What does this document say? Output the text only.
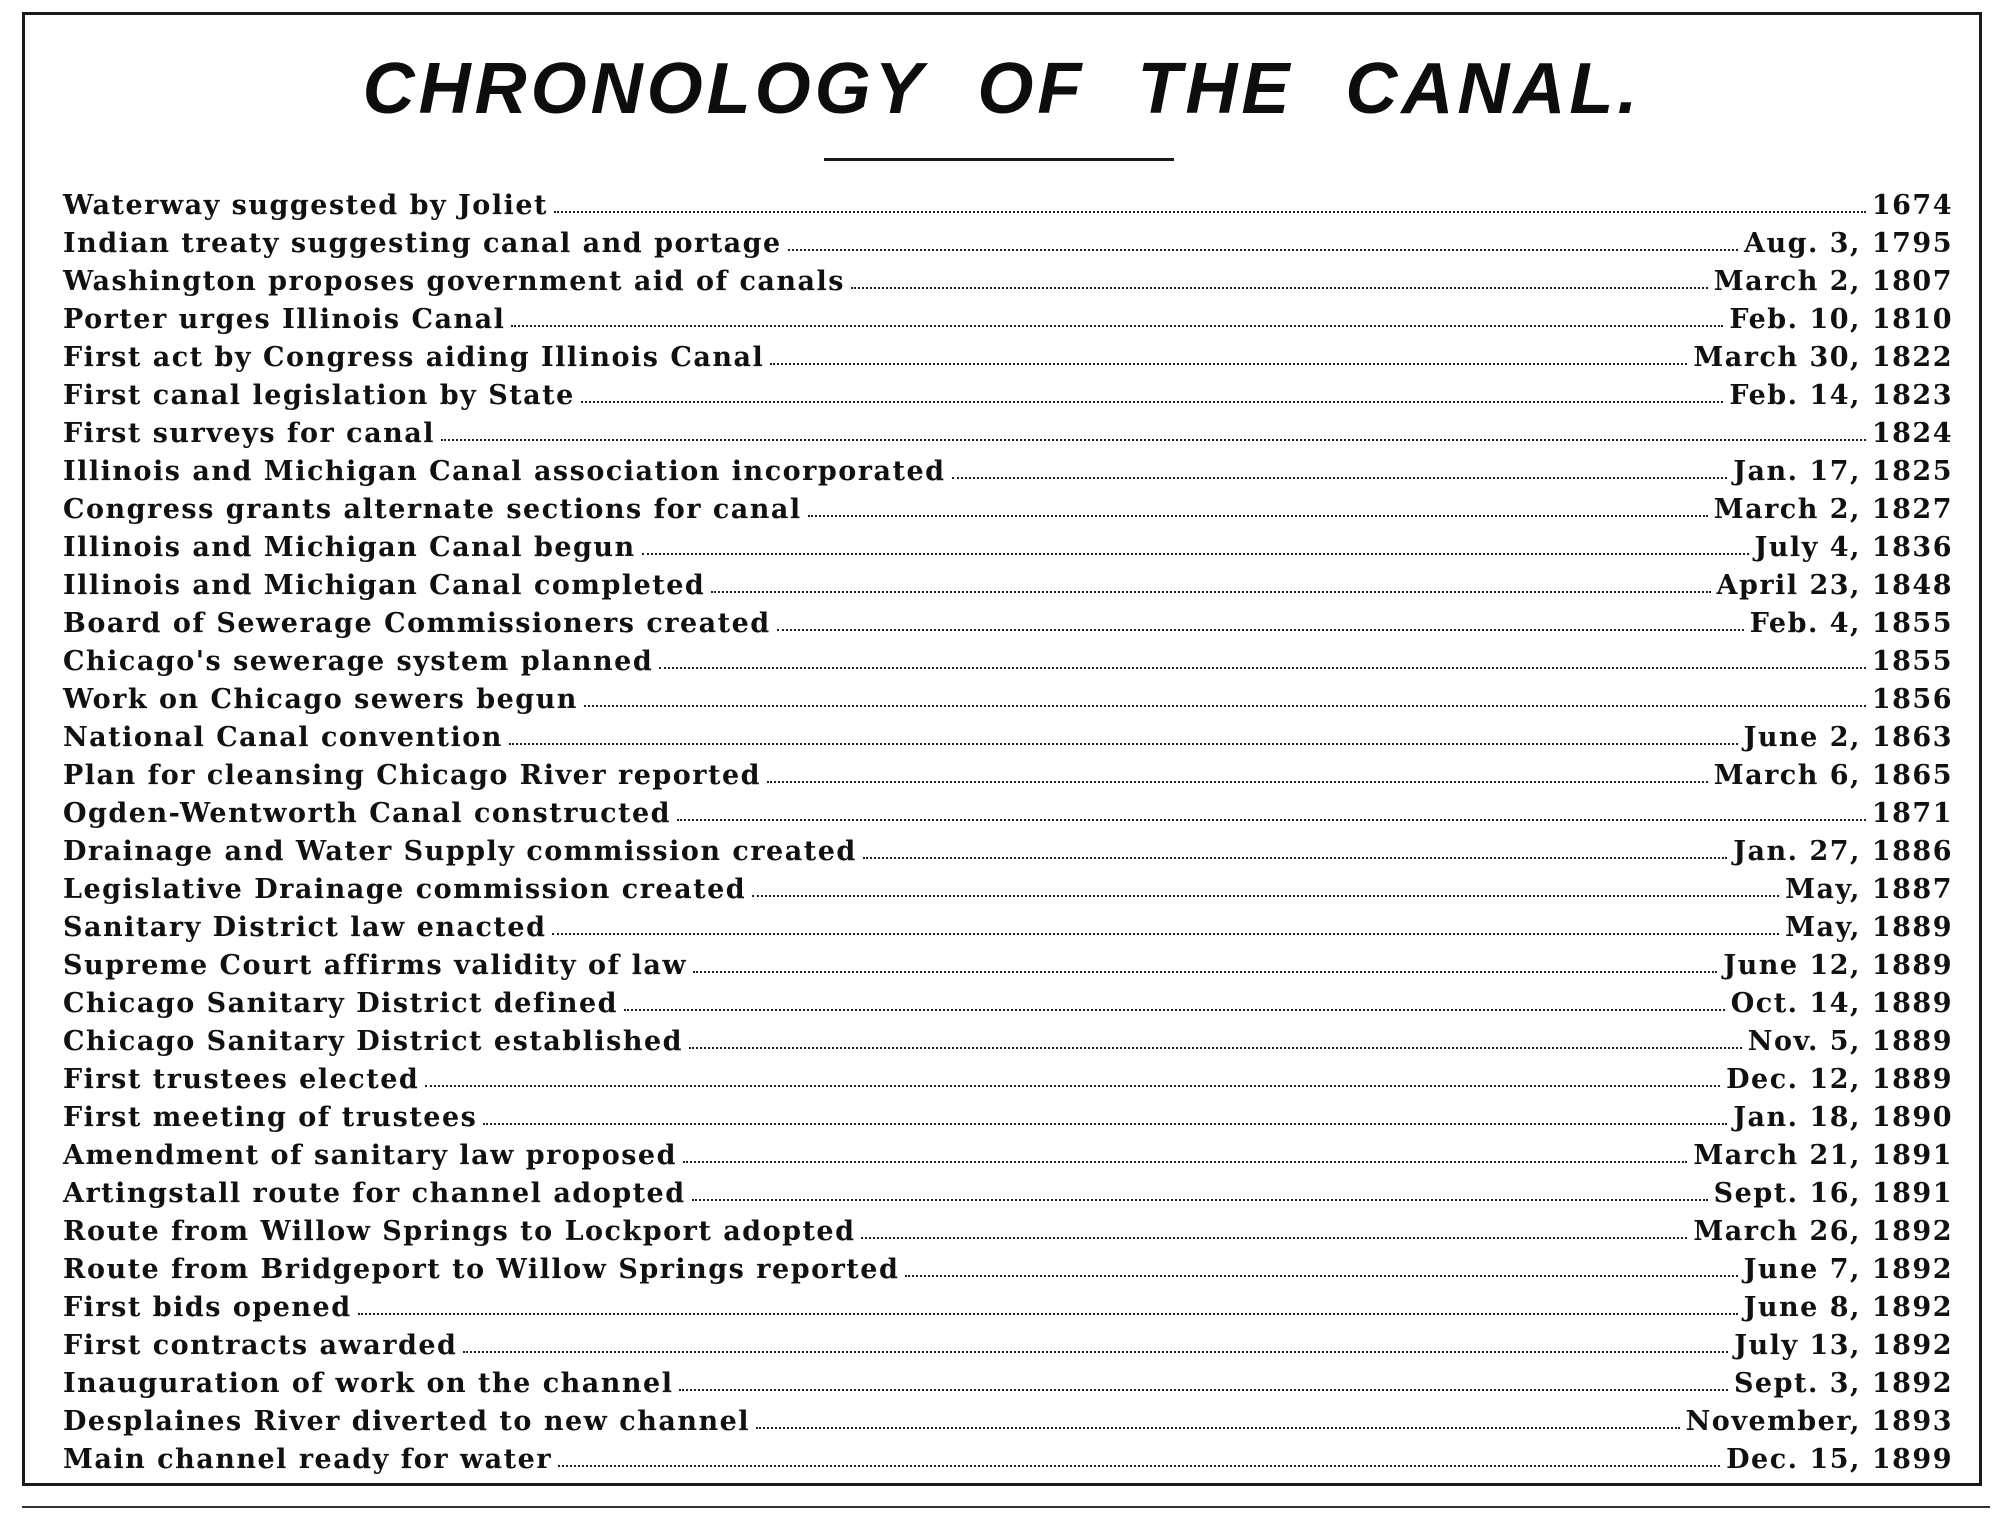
CHRONOLOGY OF THE CANAL.
Waterway suggested by Joliet	1674
Indian treaty suggesting canal and portage	Aug. 3, 1795
Washington proposes government aid of canals	March 2, 1807
Porter urges Illinois Canal	Feb. 10, 1810
First act by Congress aiding Illinois Canal	March 30, 1822
First canal legislation by State	Feb. 14, 1823
First surveys for canal	1824
Illinois and Michigan Canal association incorporated	Jan. 17, 1825
Congress grants alternate sections for canal	March 2, 1827
Illinois and Michigan Canal begun	July 4, 1836
Illinois and Michigan Canal completed	April 23, 1848
Board of Sewerage Commissioners created	Feb. 4, 1855
Chicago's sewerage system planned	1855
Work on Chicago sewers begun	1856
National Canal convention	June 2, 1863
Plan for cleansing Chicago River reported	March 6, 1865
Ogden-Wentworth Canal constructed	1871
Drainage and Water Supply commission created	Jan. 27, 1886
Legislative Drainage commission created	May, 1887
Sanitary District law enacted	May, 1889
Supreme Court affirms validity of law	June 12, 1889
Chicago Sanitary District defined	Oct. 14, 1889
Chicago Sanitary District established	Nov. 5, 1889
First trustees elected	Dec. 12, 1889
First meeting of trustees	Jan. 18, 1890
Amendment of sanitary law proposed	March 21, 1891
Artingstall route for channel adopted	Sept. 16, 1891
Route from Willow Springs to Lockport adopted	March 26, 1892
Route from Bridgeport to Willow Springs reported	June 7, 1892
First bids opened	June 8, 1892
First contracts awarded	July 13, 1892
Inauguration of work on the channel	Sept. 3, 1892
Desplaines River diverted to new channel	November, 1893
Main channel ready for water	Dec. 15, 1899
